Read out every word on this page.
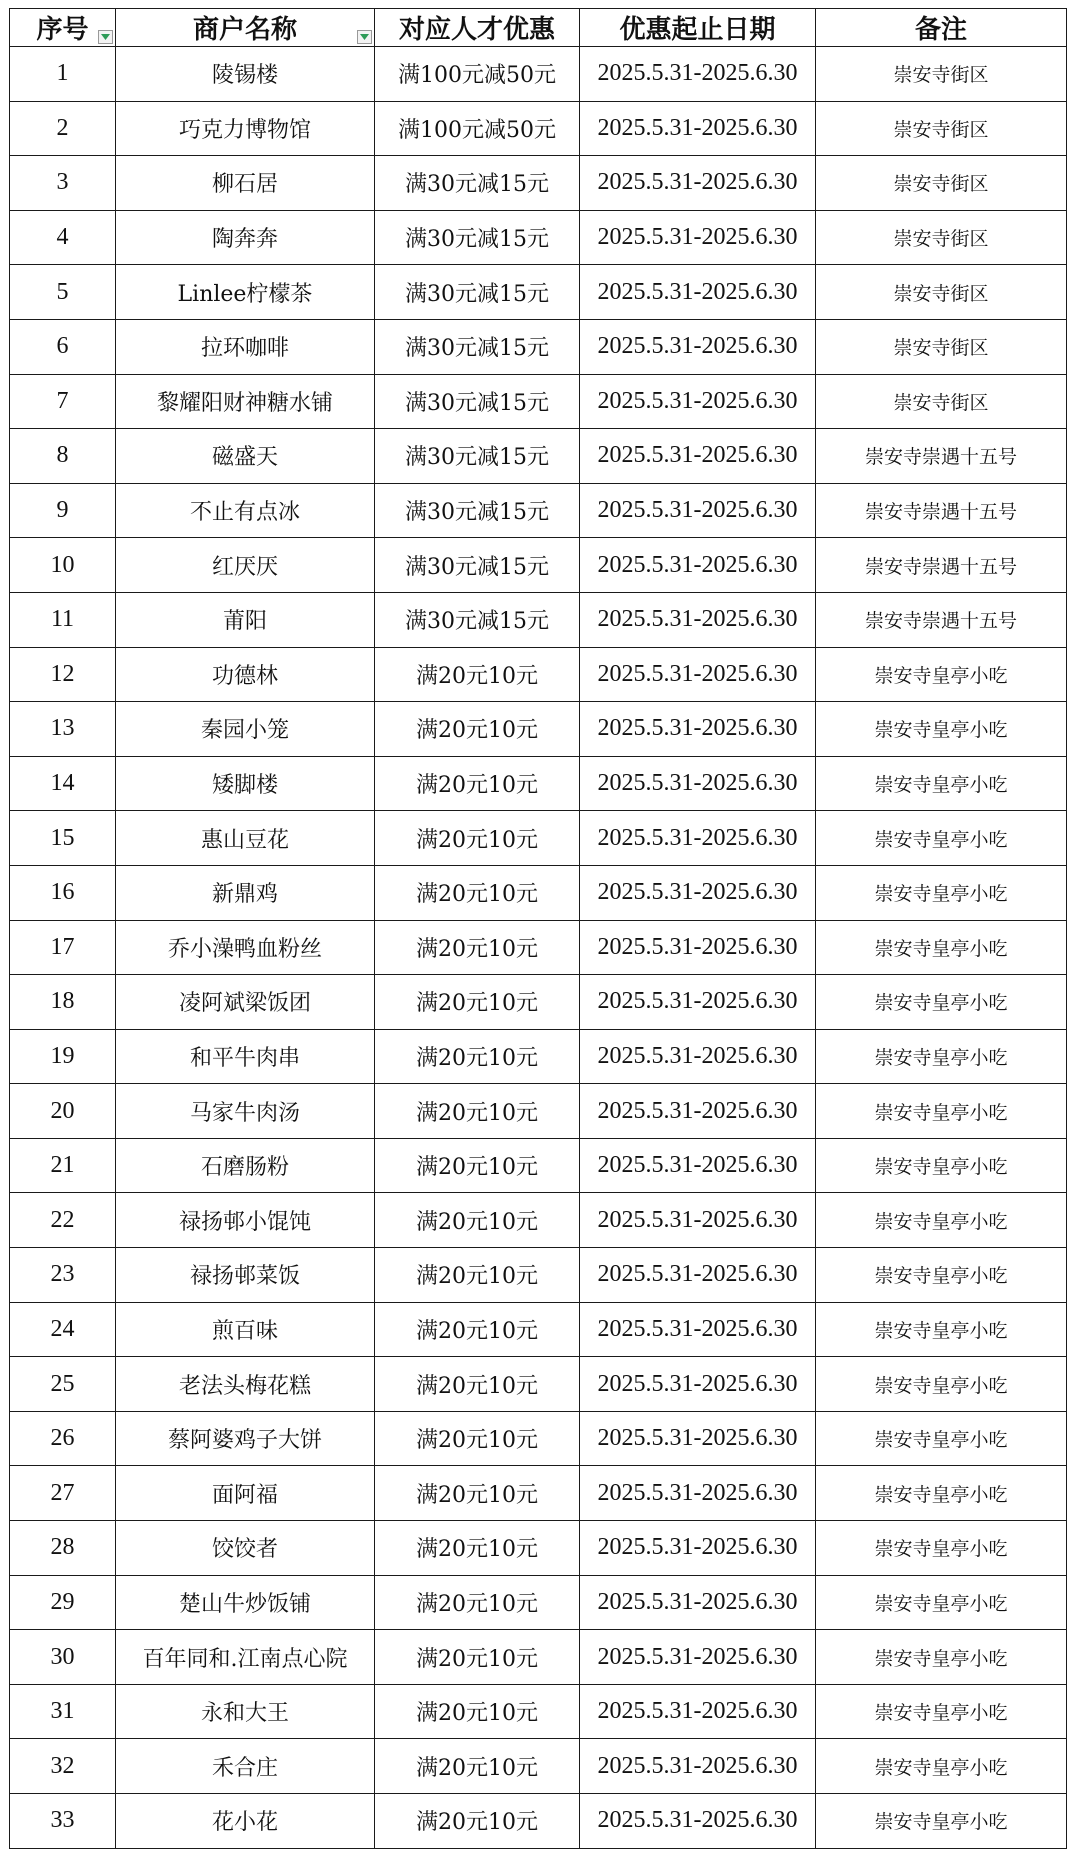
序号	商户名称	对应人才优惠	优惠起止日期	备注
1	陵锡楼	满100元减50元	2025.5.31-2025.6.30	崇安寺街区
2	巧克力博物馆	满100元减50元	2025.5.31-2025.6.30	崇安寺街区
3	柳石居	满30元减15元	2025.5.31-2025.6.30	崇安寺街区
4	陶奔奔	满30元减15元	2025.5.31-2025.6.30	崇安寺街区
5	Linlee柠檬茶	满30元减15元	2025.5.31-2025.6.30	崇安寺街区
6	拉环咖啡	满30元减15元	2025.5.31-2025.6.30	崇安寺街区
7	黎耀阳财神糖水铺	满30元减15元	2025.5.31-2025.6.30	崇安寺街区
8	磁盛天	满30元减15元	2025.5.31-2025.6.30	崇安寺崇遇十五号
9	不止有点冰	满30元减15元	2025.5.31-2025.6.30	崇安寺崇遇十五号
10	红厌厌	满30元减15元	2025.5.31-2025.6.30	崇安寺崇遇十五号
11	莆阳	满30元减15元	2025.5.31-2025.6.30	崇安寺崇遇十五号
12	功德林	满20元10元	2025.5.31-2025.6.30	崇安寺皇亭小吃
13	秦园小笼	满20元10元	2025.5.31-2025.6.30	崇安寺皇亭小吃
14	矮脚楼	满20元10元	2025.5.31-2025.6.30	崇安寺皇亭小吃
15	惠山豆花	满20元10元	2025.5.31-2025.6.30	崇安寺皇亭小吃
16	新鼎鸡	满20元10元	2025.5.31-2025.6.30	崇安寺皇亭小吃
17	乔小澡鸭血粉丝	满20元10元	2025.5.31-2025.6.30	崇安寺皇亭小吃
18	凌阿斌梁饭团	满20元10元	2025.5.31-2025.6.30	崇安寺皇亭小吃
19	和平牛肉串	满20元10元	2025.5.31-2025.6.30	崇安寺皇亭小吃
20	马家牛肉汤	满20元10元	2025.5.31-2025.6.30	崇安寺皇亭小吃
21	石磨肠粉	满20元10元	2025.5.31-2025.6.30	崇安寺皇亭小吃
22	禄扬邨小馄饨	满20元10元	2025.5.31-2025.6.30	崇安寺皇亭小吃
23	禄扬邨菜饭	满20元10元	2025.5.31-2025.6.30	崇安寺皇亭小吃
24	煎百味	满20元10元	2025.5.31-2025.6.30	崇安寺皇亭小吃
25	老法头梅花糕	满20元10元	2025.5.31-2025.6.30	崇安寺皇亭小吃
26	蔡阿婆鸡子大饼	满20元10元	2025.5.31-2025.6.30	崇安寺皇亭小吃
27	面阿福	满20元10元	2025.5.31-2025.6.30	崇安寺皇亭小吃
28	饺饺者	满20元10元	2025.5.31-2025.6.30	崇安寺皇亭小吃
29	楚山牛炒饭铺	满20元10元	2025.5.31-2025.6.30	崇安寺皇亭小吃
30	百年同和.江南点心院	满20元10元	2025.5.31-2025.6.30	崇安寺皇亭小吃
31	永和大王	满20元10元	2025.5.31-2025.6.30	崇安寺皇亭小吃
32	禾合庄	满20元10元	2025.5.31-2025.6.30	崇安寺皇亭小吃
33	花小花	满20元10元	2025.5.31-2025.6.30	崇安寺皇亭小吃
